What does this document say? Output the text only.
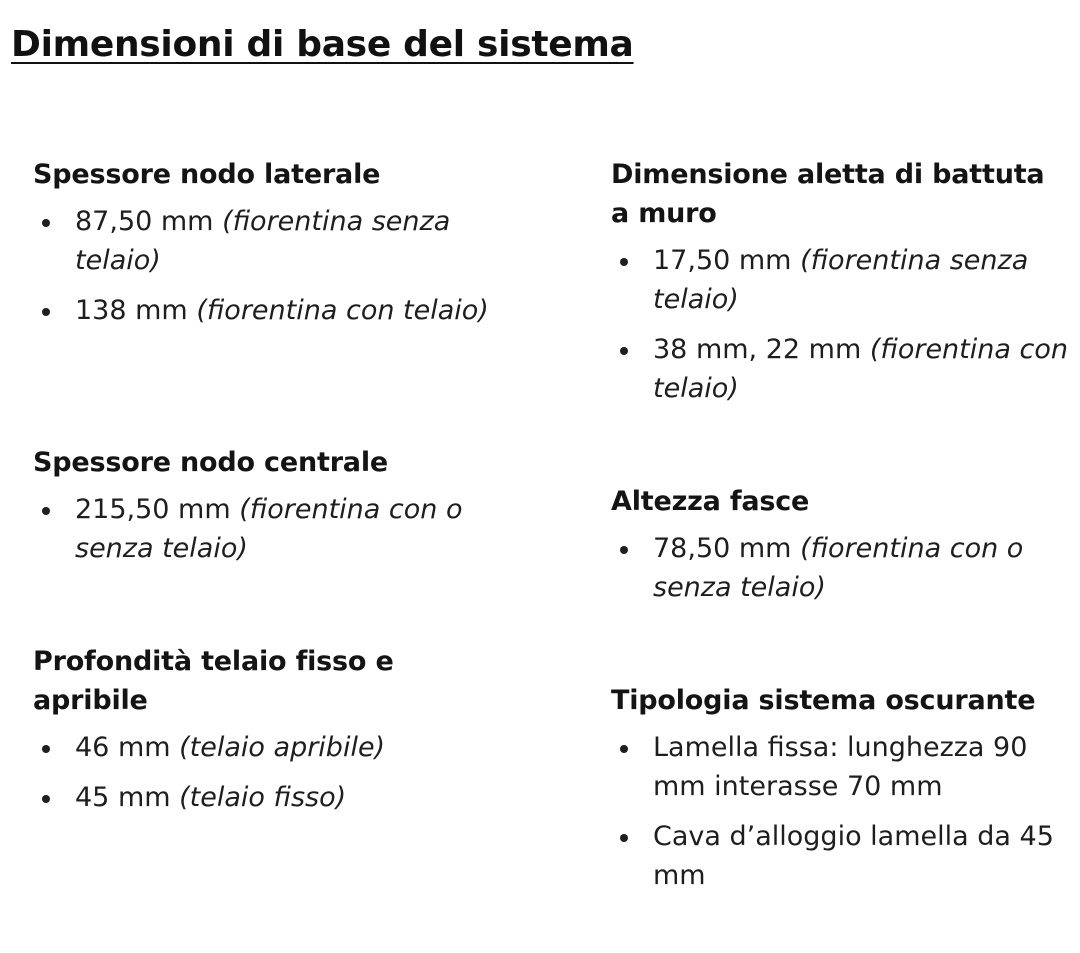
Dimensioni di base del sistema
Spessore nodo laterale
87,50 mm (fiorentina senza telaio)
138 mm (fiorentina con telaio)
Spessore nodo centrale
215,50 mm (fiorentina con o senza telaio)
Profondità telaio fisso e apribile
46 mm (telaio apribile)
45 mm (telaio fisso)
Dimensione aletta di battuta a muro
17,50 mm (fiorentina senza telaio)
38 mm, 22 mm (fiorentina con telaio)
Altezza fasce
78,50 mm (fiorentina con o senza telaio)
Tipologia sistema oscurante
Lamella fissa: lunghezza 90 mm interasse 70 mm
Cava d’alloggio lamella da 45 mm
